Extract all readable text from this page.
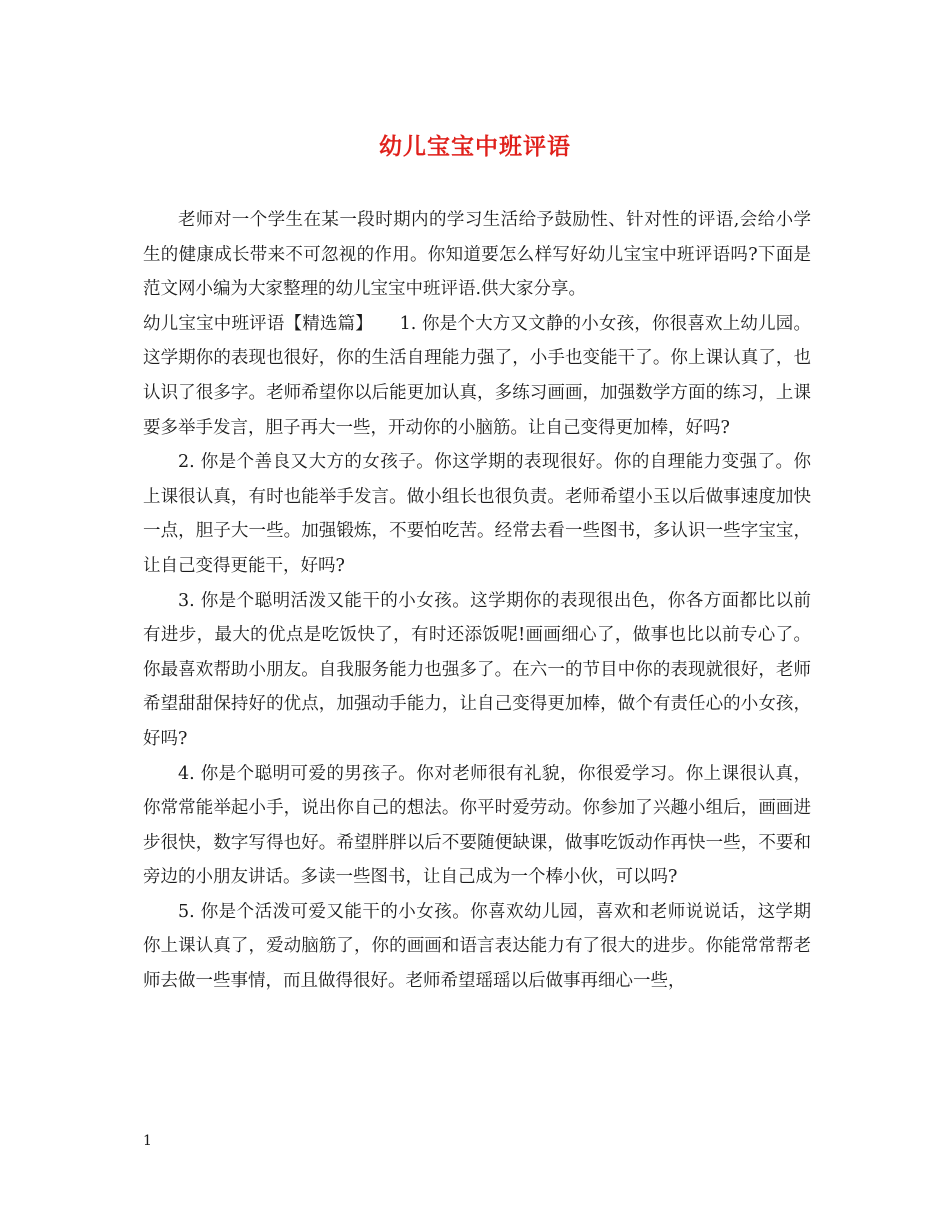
幼儿宝宝中班评语

老师对一个学生在某一段时期内的学习生活给予鼓励性、针对性的评语,会给小学生的健康成长带来不可忽视的作用。你知道要怎么样写好幼儿宝宝中班评语吗?下面是范文网小编为大家整理的幼儿宝宝中班评语.供大家分享。

幼儿宝宝中班评语【精选篇】　　1. 你是个大方又文静的小女孩，你很喜欢上幼儿园。这学期你的表现也很好，你的生活自理能力强了，小手也变能干了。你上课认真了，也认识了很多字。老师希望你以后能更加认真，多练习画画，加强数学方面的练习，上课要多举手发言，胆子再大一些，开动你的小脑筋。让自己变得更加棒，好吗?

2. 你是个善良又大方的女孩子。你这学期的表现很好。你的自理能力变强了。你上课很认真，有时也能举手发言。做小组长也很负责。老师希望小玉以后做事速度加快一点，胆子大一些。加强锻炼，不要怕吃苦。经常去看一些图书，多认识一些字宝宝，让自己变得更能干，好吗?

3. 你是个聪明活泼又能干的小女孩。这学期你的表现很出色，你各方面都比以前有进步，最大的优点是吃饭快了，有时还添饭呢!画画细心了，做事也比以前专心了。你最喜欢帮助小朋友。自我服务能力也强多了。在六一的节目中你的表现就很好，老师希望甜甜保持好的优点，加强动手能力，让自己变得更加棒，做个有责任心的小女孩，好吗?

4. 你是个聪明可爱的男孩子。你对老师很有礼貌，你很爱学习。你上课很认真，你常常能举起小手，说出你自己的想法。你平时爱劳动。你参加了兴趣小组后，画画进步很快，数字写得也好。希望胖胖以后不要随便缺课，做事吃饭动作再快一些，不要和旁边的小朋友讲话。多读一些图书，让自己成为一个棒小伙，可以吗?

5. 你是个活泼可爱又能干的小女孩。你喜欢幼儿园，喜欢和老师说说话，这学期你上课认真了，爱动脑筋了，你的画画和语言表达能力有了很大的进步。你能常常帮老师去做一些事情，而且做得很好。老师希望瑶瑶以后做事再细心一些，

1
